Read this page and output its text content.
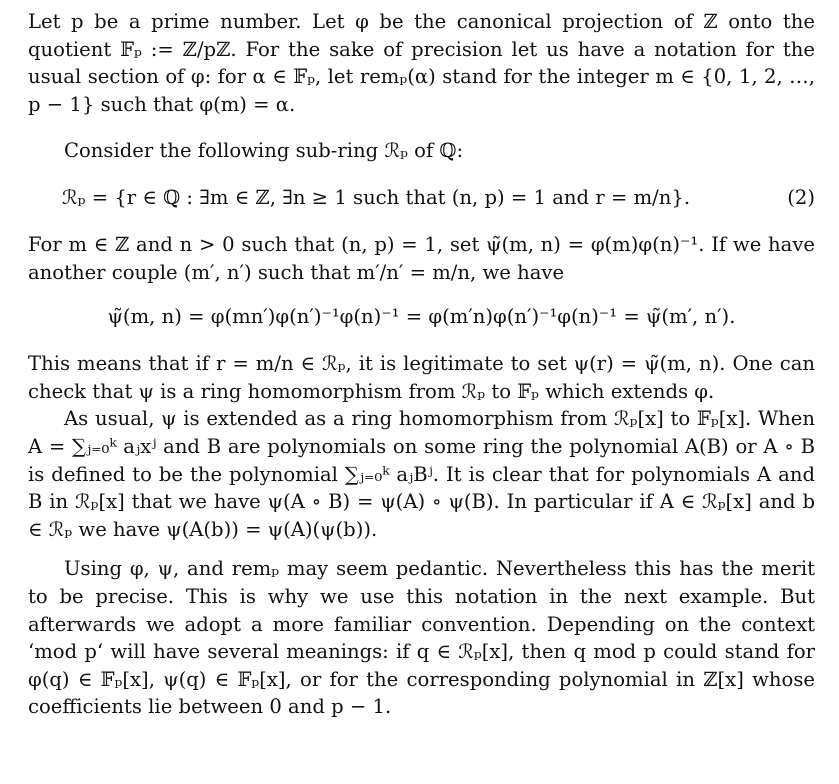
Let p be a prime number. Let φ be the canonical projection of ℤ onto the quotient 𝔽ₚ := ℤ/pℤ. For the sake of precision let us have a notation for the usual section of φ: for α ∈ 𝔽ₚ, let remₚ(α) stand for the integer m ∈ {0, 1, 2, …, p − 1} such that φ(m) = α.

Consider the following sub-ring ℛₚ of ℚ:

ℛₚ = {r ∈ ℚ : ∃m ∈ ℤ, ∃n ≥ 1 such that (n, p) = 1 and r = m/n}.	(2)

For m ∈ ℤ and n > 0 such that (n, p) = 1, set ψ̃(m, n) = φ(m)φ(n)⁻¹. If we have another couple (m′, n′) such that m′/n′ = m/n, we have

ψ̃(m, n) = φ(mn′)φ(n′)⁻¹φ(n)⁻¹ = φ(m′n)φ(n′)⁻¹φ(n)⁻¹ = ψ̃(m′, n′).

This means that if r = m/n ∈ ℛₚ, it is legitimate to set ψ(r) = ψ̃(m, n). One can check that ψ is a ring homomorphism from ℛₚ to 𝔽ₚ which extends φ.

As usual, ψ is extended as a ring homomorphism from ℛₚ[x] to 𝔽ₚ[x]. When A = ∑ⱼ₌₀ᵏ aⱼxʲ and B are polynomials on some ring the polynomial A(B) or A ∘ B is defined to be the polynomial ∑ⱼ₌₀ᵏ aⱼBʲ. It is clear that for polynomials A and B in ℛₚ[x] that we have ψ(A ∘ B) = ψ(A) ∘ ψ(B). In particular if A ∈ ℛₚ[x] and b ∈ ℛₚ we have ψ(A(b)) = ψ(A)(ψ(b)).

Using φ, ψ, and remₚ may seem pedantic. Nevertheless this has the merit to be precise. This is why we use this notation in the next example. But afterwards we adopt a more familiar convention. Depending on the context ‘mod p‘ will have several meanings: if q ∈ ℛₚ[x], then q mod p could stand for φ(q) ∈ 𝔽ₚ[x], ψ(q) ∈ 𝔽ₚ[x], or for the corresponding polynomial in ℤ[x] whose coefficients lie between 0 and p − 1.
